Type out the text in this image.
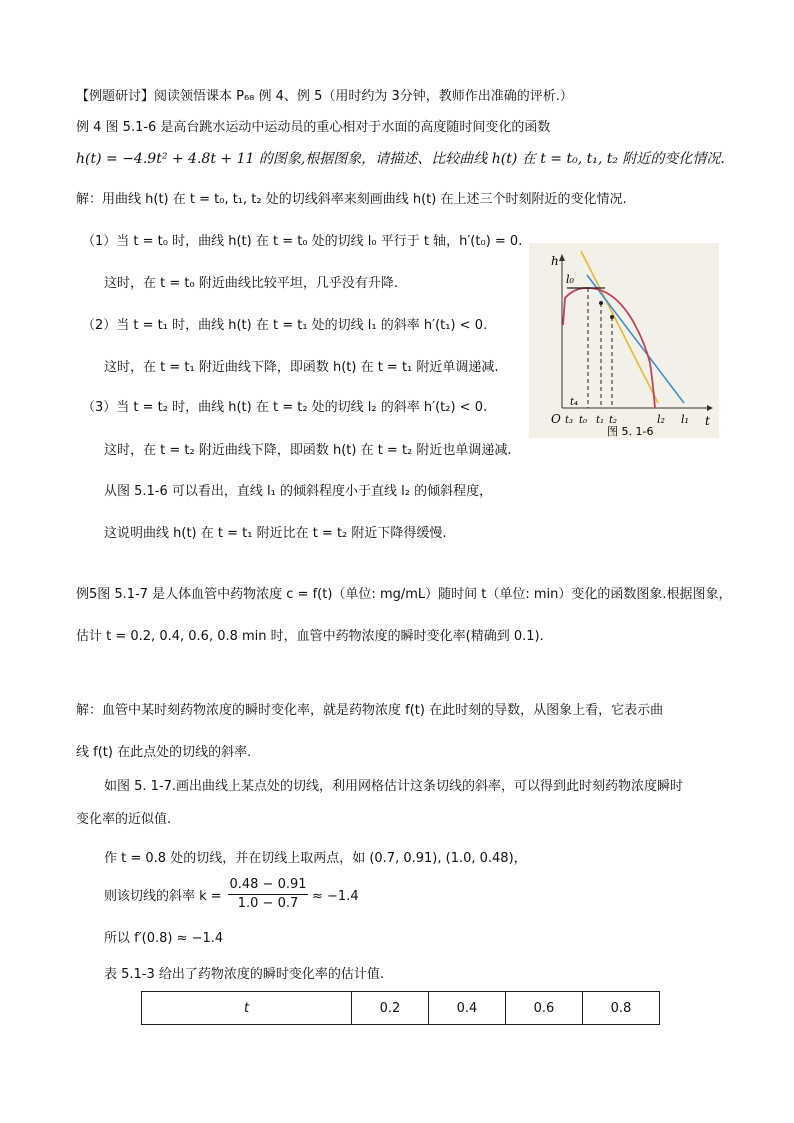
【例题研讨】阅读领悟课本 P₆₈ 例 4、例 5（用时约为 3分钟，教师作出准确的评析.）
例 4 图 5.1-6 是高台跳水运动中运动员的重心相对于水面的高度随时间变化的函数
h(t) = −4.9t² + 4.8t + 11 的图象,根据图象，请描述、比较曲线 h(t) 在 t = t₀, t₁, t₂ 附近的变化情况.
解：用曲线 h(t) 在 t = t₀, t₁, t₂ 处的切线斜率来刻画曲线 h(t) 在上述三个时刻附近的变化情况.
（1）当 t = t₀ 时，曲线 h(t) 在 t = t₀ 处的切线 l₀ 平行于 t 轴，h′(t₀) = 0.
这时，在 t = t₀ 附近曲线比较平坦，几乎没有升降.
（2）当 t = t₁ 时，曲线 h(t) 在 t = t₁ 处的切线 l₁ 的斜率 h′(t₁) < 0.
这时，在 t = t₁ 附近曲线下降，即函数 h(t) 在 t = t₁ 附近单调递减.
（3）当 t = t₂ 时，曲线 h(t) 在 t = t₂ 处的切线 l₂ 的斜率 h′(t₂) < 0.
这时，在 t = t₂ 附近曲线下降，即函数 h(t) 在 t = t₂ 附近也单调递减.
从图 5.1-6 可以看出，直线 l₁ 的倾斜程度小于直线 l₂ 的倾斜程度，
这说明曲线 h(t) 在 t = t₁ 附近比在 t = t₂ 附近下降得缓慢.
h
t
O t₃ t₀ t₁ t₂
t₄
l₀
l₁
l₂
图 5. 1-6
例5图 5.1-7 是人体血管中药物浓度 c = f(t)（单位: mg/mL）随时间 t（单位: min）变化的函数图象.根据图象，
估计 t = 0.2, 0.4, 0.6, 0.8 min 时，血管中药物浓度的瞬时变化率(精确到 0.1).
解：血管中某时刻药物浓度的瞬时变化率，就是药物浓度 f(t) 在此时刻的导数，从图象上看，它表示曲
线 f(t) 在此点处的切线的斜率.
如图 5. 1-7.画出曲线上某点处的切线，利用网格估计这条切线的斜率，可以得到此时刻药物浓度瞬时
变化率的近似值.
作 t = 0.8 处的切线，并在切线上取两点，如 (0.7, 0.91), (1.0, 0.48)，
则该切线的斜率 $k = \frac{0.48 - 0.91}{1.0 - 0.7} \approx -1.4$
所以 f′(0.8) ≈ −1.4
表 5.1-3 给出了药物浓度的瞬时变化率的估计值.
t	0.2	0.4	0.6	0.8
